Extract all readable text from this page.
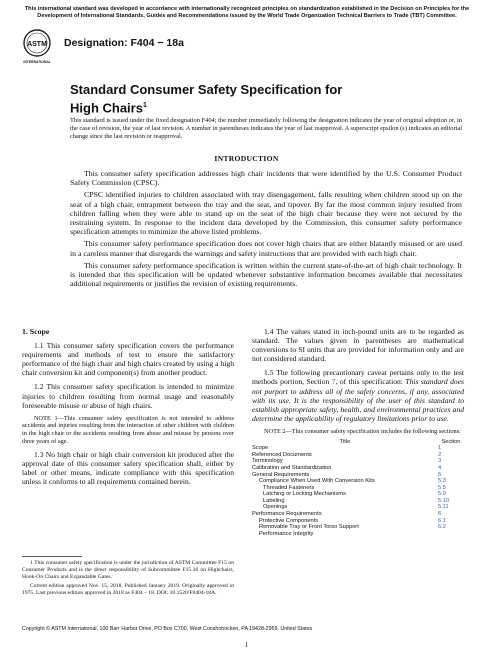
This international standard was developed in accordance with internationally recognized principles on standardization established in the Decision on Principles for the Development of International Standards, Guides and Recommendations issued by the World Trade Organization Technical Barriers to Trade (TBT) Committee.
ASTM
INTERNATIONAL
Designation: F404 − 18a
Standard Consumer Safety Specification for High Chairs$^1$
This standard is issued under the fixed designation F404; the number immediately following the designation indicates the year of original adoption or, in the case of revision, the year of last revision. A number in parentheses indicates the year of last reapproval. A superscript epsilon (ε) indicates an editorial change since the last revision or reapproval.
INTRODUCTION

This consumer safety specification addresses high chair incidents that were identified by the U.S. Consumer Product Safety Commission (CPSC).

CPSC identified injuries to children associated with tray disengagement, falls resulting when children stood up on the seat of a high chair, entrapment between the tray and the seat, and tipover. By far the most common injury resulted from children falling when they were able to stand up on the seat of the high chair because they were not secured by the restraining system. In response to the incident data developed by the Commission, this consumer safety performance specification attempts to minimize the above listed problems.

This consumer safety performance specification does not cover high chairs that are either blatantly misused or are used in a careless manner that disregards the warnings and safety instructions that are provided with each high chair.

This consumer safety performance specification is written within the current state-of-the-art of high chair technology. It is intended that this specification will be updated whenever substantive information becomes available that necessitates additional requirements or justifies the revision of existing requirements.

1. Scope

1.1 This consumer safety specification covers the performance requirements and methods of test to ensure the satisfactory performance of the high chair and high chairs created by using a high chair conversion kit and component(s) from another product.

1.2 This consumer safety specification is intended to minimize injuries to children resulting from normal usage and reasonably foreseeable misuse or abuse of high chairs.

NOTE 1—This consumer safety specification is not intended to address accidents and injuries resulting from the interaction of other children with children in the high chair or the accidents resulting from abuse and misuse by persons over three years of age.

1.3 No high chair or high chair conversion kit produced after the approval date of this consumer safety specification shall, either by label or other means, indicate compliance with this specification unless it conforms to all requirements contained herein.

1.4 The values stated in inch-pound units are to be regarded as standard. The values given in parentheses are mathematical conversions to SI units that are provided for information only and are not considered standard.

1.5 The following precautionary caveat pertains only to the test methods portion, Section 7, of this specification: This standard does not purport to address all of the safety concerns, if any, associated with its use. It is the responsibility of the user of this standard to establish appropriate safety, health, and environmental practices and determine the applicability of regulatory limitations prior to use.

NOTE 2—This consumer safety specification includes the following sections:

Title	Section
Scope	1
Referenced Documents	2
Terminology	3
Calibration and Standardization	4
General Requirements	5
Compliance When Used With Conversion Kits	5.3
Threaded Fasteners	5.5
Latching or Locking Mechanisms	5.9
Labeling	5.10
Openings	5.11
Performance Requirements	6
Protective Components	6.1
Removable Tray or Front Torso Support	6.2
Performance Integrity

1 This consumer safety specification is under the jurisdiction of ASTM Committee F15 on Consumer Products and is the direct responsibility of Subcommittee F15.16 on Highchairs, Hook-On Chairs and Expandable Gates.

Current edition approved Nov. 15, 2018. Published January 2019. Originally approved in 1975. Last previous edition approved in 2018 as F404 – 18. DOI: 10.1520/F0404-18A.

Copyright © ASTM International, 100 Barr Harbor Drive, PO Box C700, West Conshohocken, PA 19428-2959. United States
1
